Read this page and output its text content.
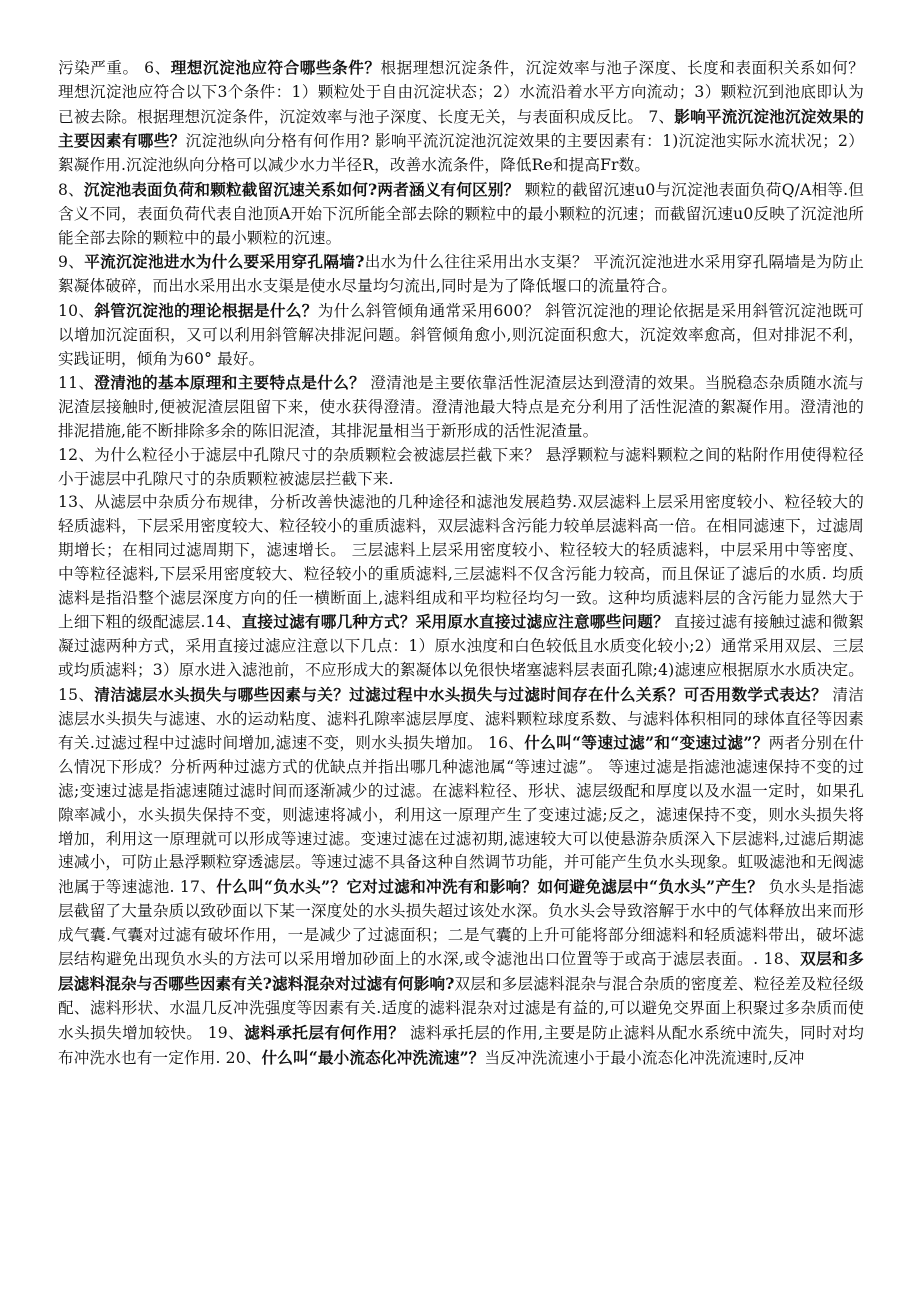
污染严重。 6、理想沉淀池应符合哪些条件？根据理想沉淀条件，沉淀效率与池子深度、长度和表面积关系如何？ 理想沉淀池应符合以下3个条件：1）颗粒处于自由沉淀状态；2）水流沿着水平方向流动；3）颗粒沉到池底即认为已被去除。根据理想沉淀条件，沉淀效率与池子深度、长度无关，与表面积成反比。 7、影响平流沉淀池沉淀效果的主要因素有哪些？沉淀池纵向分格有何作用? 影响平流沉淀池沉淀效果的主要因素有：1)沉淀池实际水流状况；2）絮凝作用.沉淀池纵向分格可以减少水力半径R，改善水流条件，降低Re和提高Fr数。

8、沉淀池表面负荷和颗粒截留沉速关系如何?两者涵义有何区别？ 颗粒的截留沉速u0与沉淀池表面负荷Q/A相等.但含义不同，表面负荷代表自池顶A开始下沉所能全部去除的颗粒中的最小颗粒的沉速；而截留沉速u0反映了沉淀池所能全部去除的颗粒中的最小颗粒的沉速。

9、平流沉淀池进水为什么要采用穿孔隔墙?出水为什么往往采用出水支渠？ 平流沉淀池进水采用穿孔隔墙是为防止絮凝体破碎，而出水采用出水支渠是使水尽量均匀流出,同时是为了降低堰口的流量符合。

10、斜管沉淀池的理论根据是什么？为什么斜管倾角通常采用600？ 斜管沉淀池的理论依据是采用斜管沉淀池既可以增加沉淀面积，又可以利用斜管解决排泥问题。斜管倾角愈小,则沉淀面积愈大，沉淀效率愈高，但对排泥不利，实践证明，倾角为60° 最好。

11、澄清池的基本原理和主要特点是什么？ 澄清池是主要依靠活性泥渣层达到澄清的效果。当脱稳态杂质随水流与泥渣层接触时,便被泥渣层阻留下来，使水获得澄清。澄清池最大特点是充分利用了活性泥渣的絮凝作用。澄清池的排泥措施,能不断排除多余的陈旧泥渣，其排泥量相当于新形成的活性泥渣量。

12、为什么粒径小于滤层中孔隙尺寸的杂质颗粒会被滤层拦截下来？ 悬浮颗粒与滤料颗粒之间的粘附作用使得粒径小于滤层中孔隙尺寸的杂质颗粒被滤层拦截下来.

13、从滤层中杂质分布规律，分析改善快滤池的几种途径和滤池发展趋势.双层滤料上层采用密度较小、粒径较大的轻质滤料，下层采用密度较大、粒径较小的重质滤料，双层滤料含污能力较单层滤料高一倍。在相同滤速下，过滤周期增长；在相同过滤周期下，滤速增长。 三层滤料上层采用密度较小、粒径较大的轻质滤料，中层采用中等密度、中等粒径滤料,下层采用密度较大、粒径较小的重质滤料,三层滤料不仅含污能力较高，而且保证了滤后的水质. 均质滤料是指沿整个滤层深度方向的任一横断面上,滤料组成和平均粒径均匀一致。这种均质滤料层的含污能力显然大于上细下粗的级配滤层.14、直接过滤有哪几种方式？采用原水直接过滤应注意哪些问题？ 直接过滤有接触过滤和微絮凝过滤两种方式，采用直接过滤应注意以下几点：1）原水浊度和白色较低且水质变化较小;2）通常采用双层、三层或均质滤料；3）原水进入滤池前，不应形成大的絮凝体以免很快堵塞滤料层表面孔隙;4)滤速应根据原水水质决定。15、清洁滤层水头损失与哪些因素与关？过滤过程中水头损失与过滤时间存在什么关系？可否用数学式表达？ 清洁滤层水头损失与滤速、水的运动粘度、滤料孔隙率滤层厚度、滤料颗粒球度系数、与滤料体积相同的球体直径等因素有关.过滤过程中过滤时间增加,滤速不变，则水头损失增加。 16、什么叫“等速过滤”和“变速过滤”？两者分别在什么情况下形成？分析两种过滤方式的优缺点并指出哪几种滤池属“等速过滤”。 等速过滤是指滤池滤速保持不变的过滤;变速过滤是指滤速随过滤时间而逐渐减少的过滤。在滤料粒径、形状、滤层级配和厚度以及水温一定时，如果孔隙率减小，水头损失保持不变，则滤速将减小，利用这一原理产生了变速过滤;反之，滤速保持不变，则水头损失将增加，利用这一原理就可以形成等速过滤。变速过滤在过滤初期,滤速较大可以使悬游杂质深入下层滤料,过滤后期滤速减小，可防止悬浮颗粒穿透滤层。等速过滤不具备这种自然调节功能，并可能产生负水头现象。虹吸滤池和无阀滤池属于等速滤池. 17、什么叫“负水头”？它对过滤和冲洗有和影响？如何避免滤层中“负水头”产生？ 负水头是指滤层截留了大量杂质以致砂面以下某一深度处的水头损失超过该处水深。负水头会导致溶解于水中的气体释放出来而形成气囊.气囊对过滤有破坏作用，一是减少了过滤面积；二是气囊的上升可能将部分细滤料和轻质滤料带出，破坏滤层结构避免出现负水头的方法可以采用增加砂面上的水深,或令滤池出口位置等于或高于滤层表面。. 18、双层和多层滤料混杂与否哪些因素有关?滤料混杂对过滤有何影响?双层和多层滤料混杂与混合杂质的密度差、粒径差及粒径级配、滤料形状、水温几反冲洗强度等因素有关.适度的滤料混杂对过滤是有益的,可以避免交界面上积聚过多杂质而使水头损失增加较快。 19、滤料承托层有何作用？ 滤料承托层的作用,主要是防止滤料从配水系统中流失，同时对均布冲洗水也有一定作用. 20、什么叫“最小流态化冲洗流速”？当反冲洗流速小于最小流态化冲洗流速时,反冲
